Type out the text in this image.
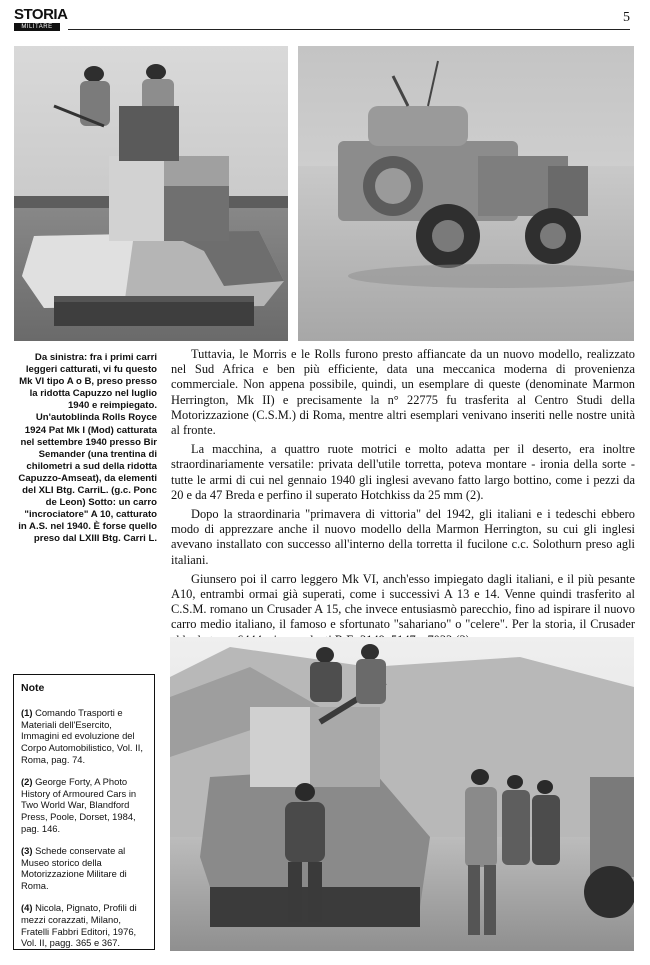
STORIA
MILITARE
5
Da sinistra: fra i primi carri leggeri catturati, vi fu questo Mk VI tipo A o B, preso presso la ridotta Capuzzo nel luglio 1940 e reimpiegato. Un'autoblinda Rolls Royce 1924 Pat Mk I (Mod) catturata nel settembre 1940 presso Bir Semander (una trentina di chilometri a sud della ridotta Capuzzo-Amseat), da elementi del XLI Btg. CarriL. (g.c. Ponc de Leon) Sotto: un carro "incrociatore" A 10, catturato in A.S. nel 1940. È forse quello preso dal LXIII Btg. Carri L.

Tuttavia, le Morris e le Rolls furono presto affiancate da un nuovo modello, realizzato nel Sud Africa e ben più efficiente, data una meccanica moderna di provenienza commerciale. Non appena possibile, quindi, un esemplare di queste (denominate Marmon Herrington, Mk II) e precisamente la n° 22775 fu trasferita al Centro Studi della Motorizzazione (C.S.M.) di Roma, mentre altri esemplari venivano inseriti nelle nostre unità al fronte.

La macchina, a quattro ruote motrici e molto adatta per il deserto, era inoltre straordinariamente versatile: privata dell'utile torretta, poteva montare - ironia della sorte - tutte le armi di cui nel gennaio 1940 gli inglesi avevano fatto largo bottino, come i pezzi da 20 e da 47 Breda e perfino il superato Hotchkiss da 25 mm (2).

Dopo la straordinaria "primavera di vittoria" del 1942, gli italiani e i tedeschi ebbero modo di apprezzare anche il nuovo modello della Marmon Herrington, su cui gli inglesi avevano installato con successo all'interno della torretta il fucilone c.c. Solothurn preso agli italiani.

Giunsero poi il carro leggero Mk VI, anch'esso impiegato dagli italiani, e il più pesante A10, entrambi ormai già superati, come i successivi A 13 e 14. Venne quindi trasferito al C.S.M. romano un Crusader A 15, che invece entusiasmò parecchio, fino ad ispirare il nuovo carro medio italiano, il famoso e sfortunato "sahariano" o "celere". Per la storia, il Crusader

Note
(1) Comando Trasporti e Materiali dell'Esercito, Immagini ed evoluzione del Corpo Automobilistico, Vol. II, Roma, pag. 74.
(2) George Forty, A Photo History of Armoured Cars in Two World War, Blandford Press, Poole, Dorset, 1984, pag. 146.
(3) Schede conservate al Museo storico della Motorizzazione Militare di Roma.
(4) Nicola, Pignato, Profili di mezzi corazzati, Milano, Fratelli Fabbri Editori, 1976, Vol. II, pagg. 365 e 367.
